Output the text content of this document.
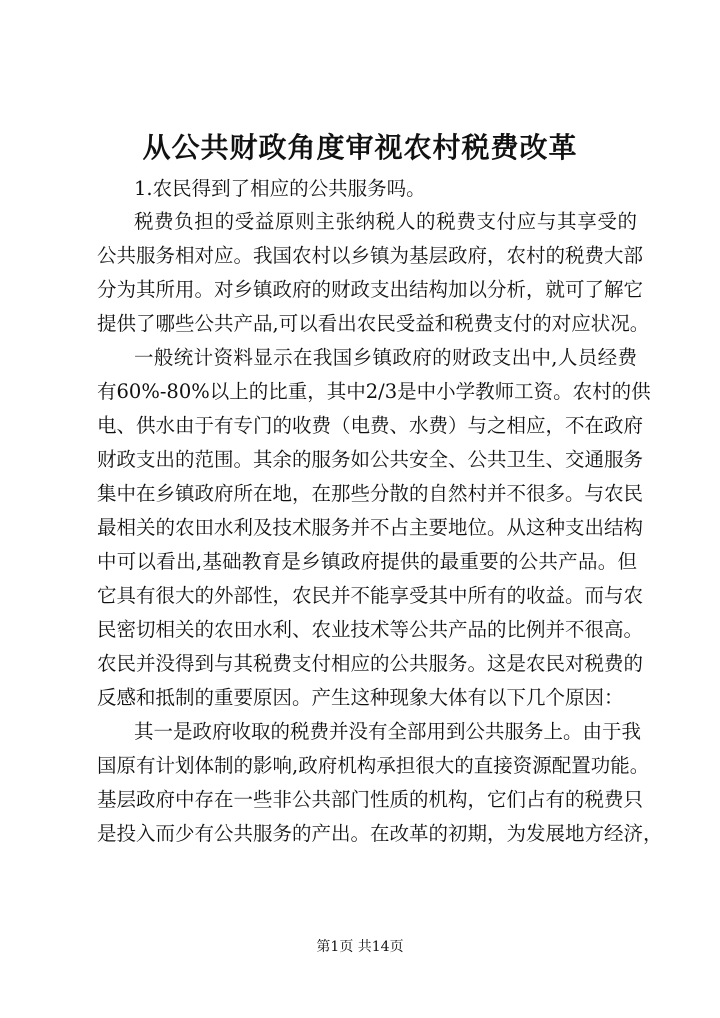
从公共财政角度审视农村税费改革
1.农民得到了相应的公共服务吗。
税费负担的受益原则主张纳税人的税费支付应与其享受的
公共服务相对应。我国农村以乡镇为基层政府，农村的税费大部
分为其所用。对乡镇政府的财政支出结构加以分析，就可了解它
提供了哪些公共产品,可以看出农民受益和税费支付的对应状况。
一般统计资料显示在我国乡镇政府的财政支出中,人员经费
有60%-80%以上的比重，其中2/3是中小学教师工资。农村的供
电、供水由于有专门的收费（电费、水费）与之相应，不在政府
财政支出的范围。其余的服务如公共安全、公共卫生、交通服务
集中在乡镇政府所在地，在那些分散的自然村并不很多。与农民
最相关的农田水利及技术服务并不占主要地位。从这种支出结构
中可以看出,基础教育是乡镇政府提供的最重要的公共产品。但
它具有很大的外部性，农民并不能享受其中所有的收益。而与农
民密切相关的农田水利、农业技术等公共产品的比例并不很高。
农民并没得到与其税费支付相应的公共服务。这是农民对税费的
反感和抵制的重要原因。产生这种现象大体有以下几个原因：
其一是政府收取的税费并没有全部用到公共服务上。由于我
国原有计划体制的影响,政府机构承担很大的直接资源配置功能。
基层政府中存在一些非公共部门性质的机构，它们占有的税费只
是投入而少有公共服务的产出。在改革的初期，为发展地方经济，
第1页 共14页
